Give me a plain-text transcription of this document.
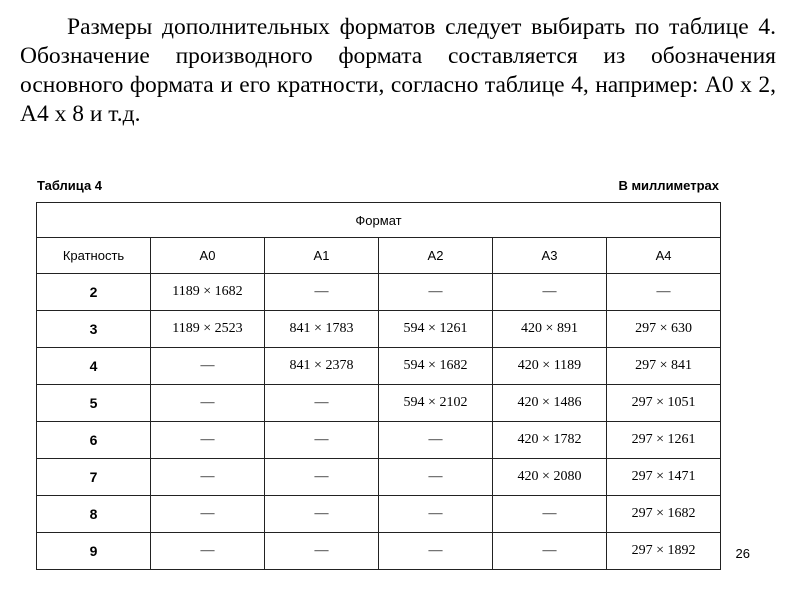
Размеры дополнительных форматов следует выбирать по таблице 4. Обозначение производного формата составляется из обозначения основного формата и его кратности, согласно таблице 4, например: А0 х 2, А4 х 8 и т.д.

Таблица 4	В миллиметрах
Формат					
Кратность	А0	А1	А2	А3	А4
2	1189 × 1682	—	—	—	—
3	1189 × 2523	841 × 1783	594 × 1261	420 × 891	297 × 630
4	—	841 × 2378	594 × 1682	420 × 1189	297 × 841
5	—	—	594 × 2102	420 × 1486	297 × 1051
6	—	—	—	420 × 1782	297 × 1261
7	—	—	—	420 × 2080	297 × 1471
8	—	—	—	—	297 × 1682
9	—	—	—	—	297 × 1892	26
